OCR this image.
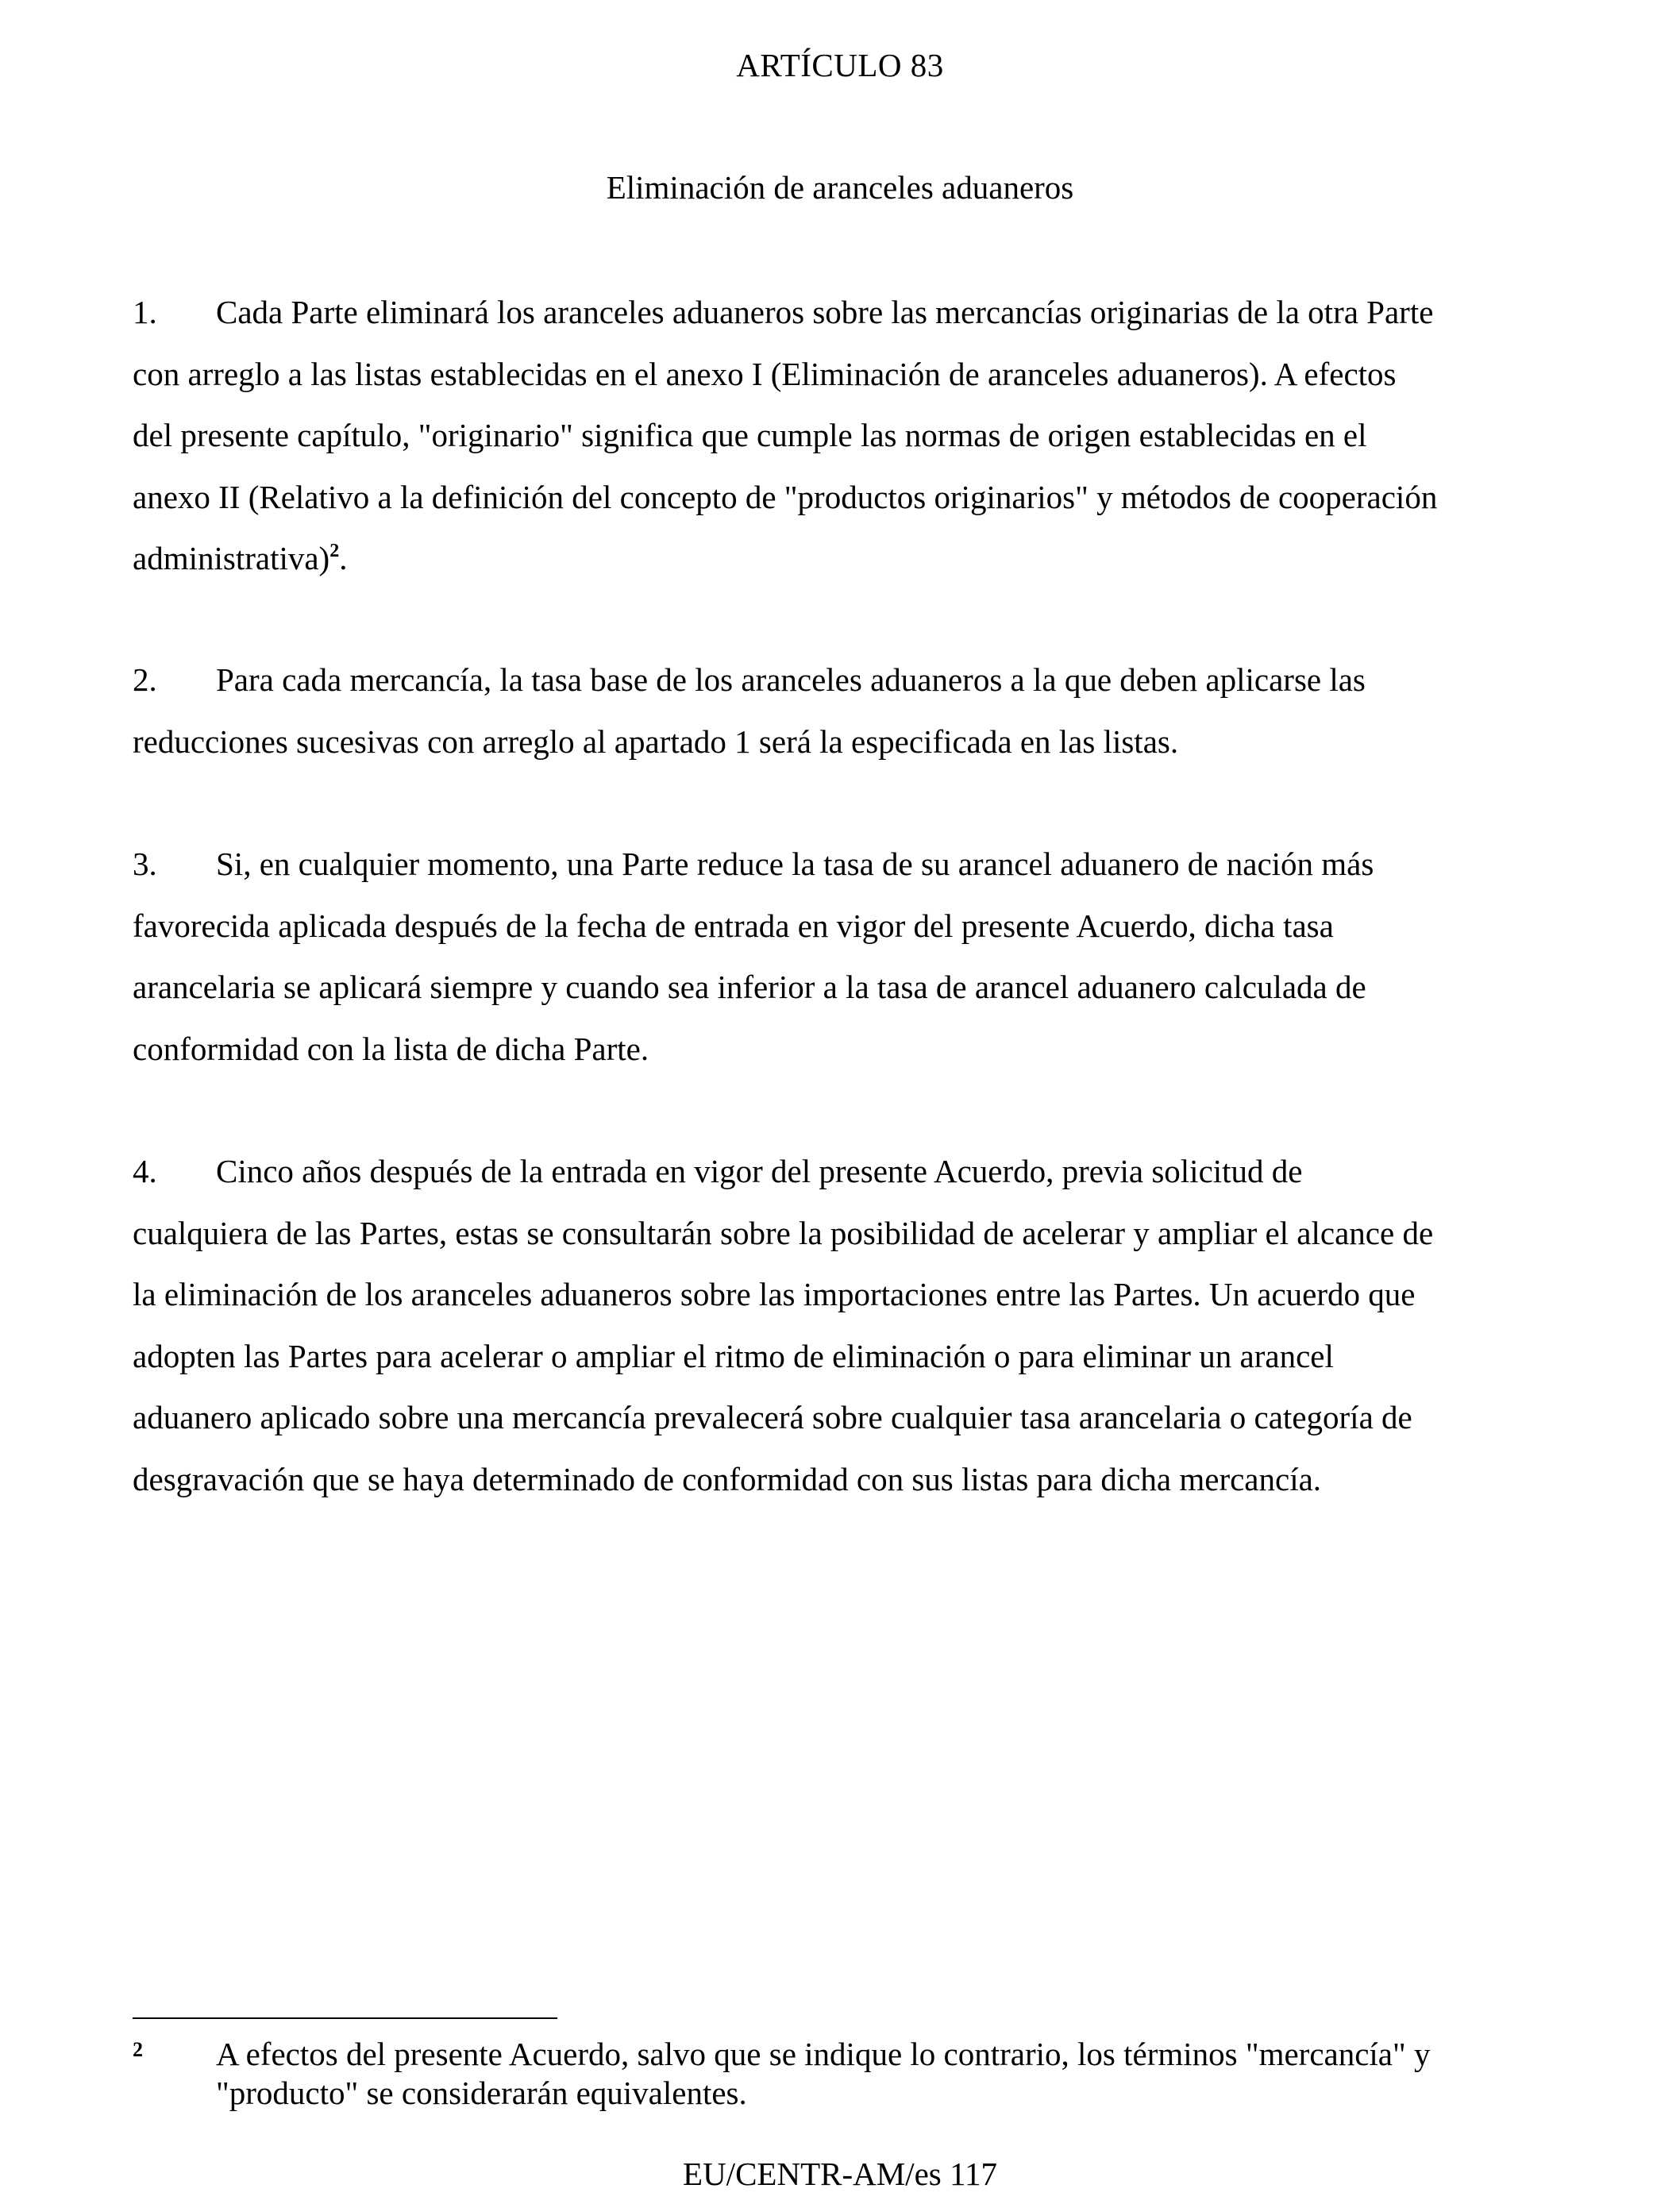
ARTÍCULO 83
Eliminación de aranceles aduaneros
1. Cada Parte eliminará los aranceles aduaneros sobre las mercancías originarias de la otra Parte
con arreglo a las listas establecidas en el anexo I (Eliminación de aranceles aduaneros). A efectos
del presente capítulo, "originario" significa que cumple las normas de origen establecidas en el
anexo II (Relativo a la definición del concepto de "productos originarios" y métodos de cooperación
administrativa)$^2$.
2. Para cada mercancía, la tasa base de los aranceles aduaneros a la que deben aplicarse las
reducciones sucesivas con arreglo al apartado 1 será la especificada en las listas.
3. Si, en cualquier momento, una Parte reduce la tasa de su arancel aduanero de nación más
favorecida aplicada después de la fecha de entrada en vigor del presente Acuerdo, dicha tasa
arancelaria se aplicará siempre y cuando sea inferior a la tasa de arancel aduanero calculada de
conformidad con la lista de dicha Parte.
4. Cinco años después de la entrada en vigor del presente Acuerdo, previa solicitud de
cualquiera de las Partes, estas se consultarán sobre la posibilidad de acelerar y ampliar el alcance de
la eliminación de los aranceles aduaneros sobre las importaciones entre las Partes. Un acuerdo que
adopten las Partes para acelerar o ampliar el ritmo de eliminación o para eliminar un arancel
aduanero aplicado sobre una mercancía prevalecerá sobre cualquier tasa arancelaria o categoría de
desgravación que se haya determinado de conformidad con sus listas para dicha mercancía.
2 A efectos del presente Acuerdo, salvo que se indique lo contrario, los términos "mercancía" y
"producto" se considerarán equivalentes.
EU/CENTR-AM/es 117
